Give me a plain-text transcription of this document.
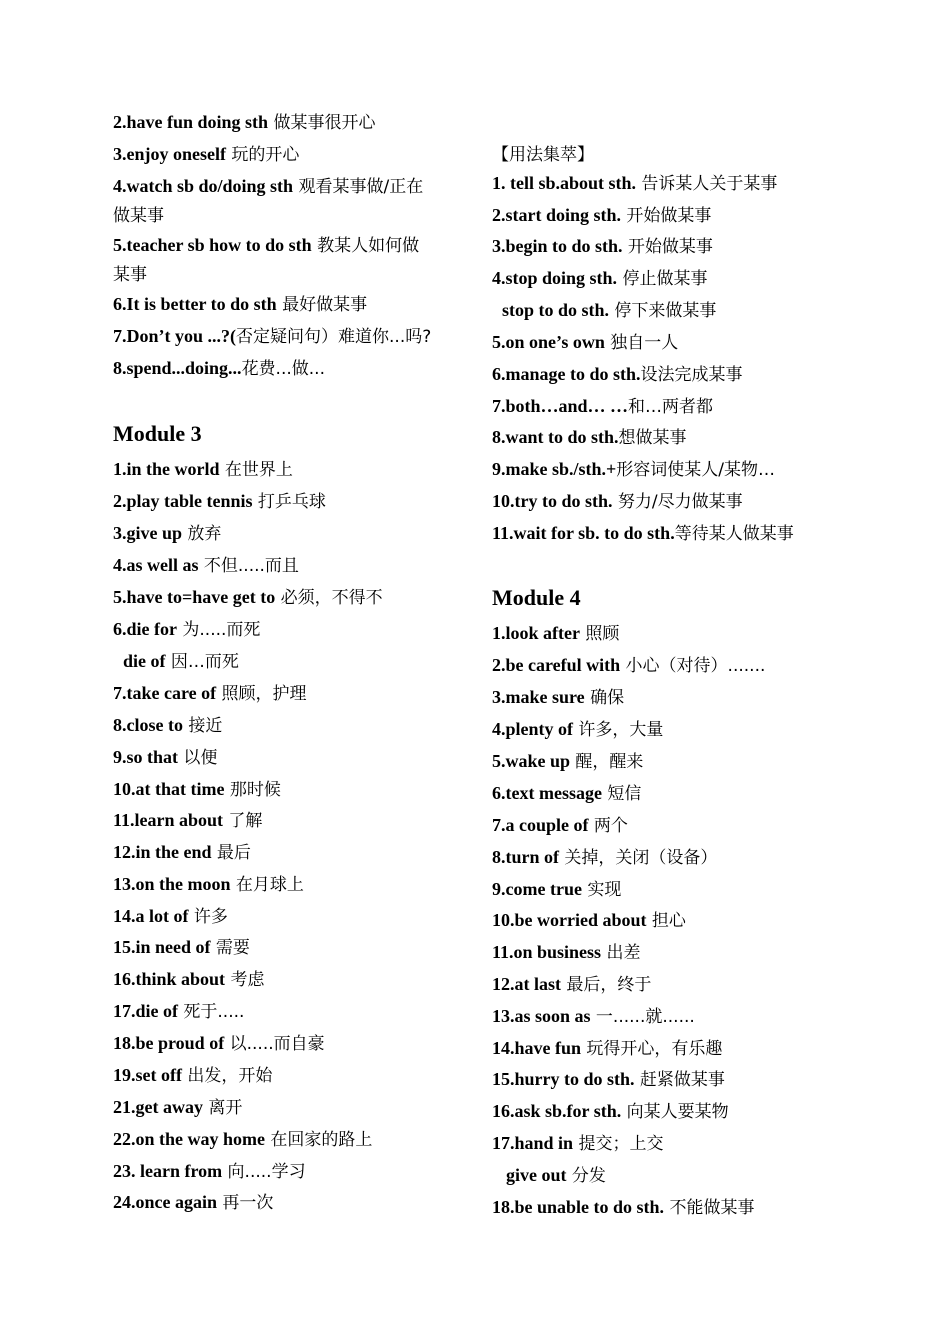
2.have fun doing sth 做某事很开心
3.enjoy oneself 玩的开心
4.watch sb do/doing sth 观看某事做/正在
做某事
5.teacher sb how to do sth 教某人如何做
某事
6.It is better to do sth 最好做某事
7.Don’t you ...?(否定疑问句）难道你...吗?
8.spend...doing...花费...做...
Module 3
1.in the world 在世界上
2.play table tennis 打乒乓球
3.give up 放弃
4.as well as 不但.....而且
5.have to=have get to 必须，不得不
6.die for 为.....而死
die of 因…而死
7.take care of 照顾，护理
8.close to 接近
9.so that 以便
10.at that time 那时候
11.learn about 了解
12.in the end 最后
13.on the moon 在月球上
14.a lot of 许多
15.in need of 需要
16.think about 考虑
17.die of 死于.....
18.be proud of 以.....而自豪
19.set off 出发，开始
21.get away 离开
22.on the way home 在回家的路上
23. learn from 向.....学习
24.once again 再一次
【用法集萃】
1. tell sb.about sth. 告诉某人关于某事
2.start doing sth. 开始做某事
3.begin to do sth. 开始做某事
4.stop doing sth. 停止做某事
stop to do sth. 停下来做某事
5.on one’s own 独自一人
6.manage to do sth.设法完成某事
7.both…and… …和…两者都
8.want to do sth.想做某事
9.make sb./sth.+形容词使某人/某物…
10.try to do sth. 努力/尽力做某事
11.wait for sb. to do sth.等待某人做某事
Module 4
1.look after 照顾
2.be careful with 小心（对待）.......
3.make sure 确保
4.plenty of 许多，大量
5.wake up 醒，醒来
6.text message 短信
7.a couple of 两个
8.turn of 关掉，关闭（设备）
9.come true 实现
10.be worried about 担心
11.on business 出差
12.at last 最后，终于
13.as soon as 一......就......
14.have fun 玩得开心，有乐趣
15.hurry to do sth. 赶紧做某事
16.ask sb.for sth. 向某人要某物
17.hand in 提交；上交
give out 分发
18.be unable to do sth. 不能做某事
